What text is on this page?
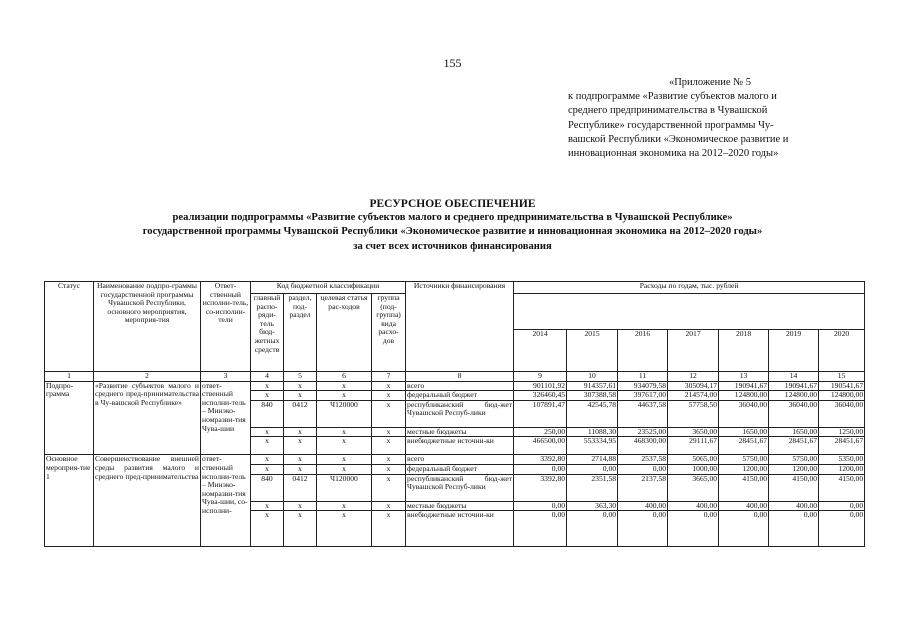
155
«Приложение № 5
к подпрограмме «Развитие субъектов малого и
среднего предпринимательства в Чувашской
Республике» государственной программы Чу-
вашской Республики «Экономическое развитие и
инновационная экономика на 2012–2020 годы»
РЕСУРСНОЕ ОБЕСПЕЧЕНИЕ
реализации подпрограммы «Развитие субъектов малого и среднего предпринимательства в Чувашской Республике»
государственной программы Чувашской Республики «Экономическое развитие и инновационная экономика на 2012–2020 годы»
за счет всех источников финансирования
Статус	Наименование подпро-граммы государственной программы Чувашской Республики, основного мероприятия, мероприя-тия	Ответ-ственный исполни-тель, со-исполни-тели	Код бюджетной классификации				Источники финансирования	Расходы по годам, тыс. рублей						
			главный распо-ряди-тель бюд-жетных средств	раздел, под-раздел	целевая статья рас-ходов	группа (под-группа) вида расхо-дов								
								2014	2015	2016	2017	2018	2019	2020
1	2	3	4	5	6	7	8	9	10	11	12	13	14	15
Подпро-грамма	«Развитие субъектов малого и среднего пред-принимательства в Чу-вашской Республике»	ответ-ственный исполни-тель – Минэко-номразви-тия Чува-шии	x	x	x	x	всего	901101,92	914357,61	934079,58	305094,17	190941,67	190941,67	190541,67
			x	x	x	x	федеральный бюджет	326460,45	307388,58	397617,00	214574,00	124800,00	124800,00	124800,00
			840	0412	Ч120000	x	республиканский бюд-жет Чувашской Респуб-лики	107891,47	42545,78	44637,58	57758,50	36040,00	36040,00	36040,00
			x	x	x	x	местные бюджеты	250,00	11088,30	23525,00	3650,00	1650,00	1650,00	1250,00
			x	x	x	x	внебюджетные источни-ки	466500,00	553334,95	468300,00	29111,67	28451,67	28451,67	28451,67
Основное мероприя-тие 1	Совершенствование внешней среды развития малого и среднего пред-принимательства	ответ-ственный исполни-тель – Минэко-номразви-тия Чува-шии, со-исполни-	x	x	x	x	всего	3392,80	2714,88	2537,58	5065,00	5750,00	5750,00	5350,00
			x	x	x	x	федеральный бюджет	0,00	0,00	0,00	1000,00	1200,00	1200,00	1200,00
			840	0412	Ч120000	x	республиканский бюд-жет Чувашской Респуб-лики	3392,80	2351,58	2137,58	3665,00	4150,00	4150,00	4150,00
			x	x	x	x	местные бюджеты	0,00	363,30	400,00	400,00	400,00	400,00	0,00
			x	x	x	x	внебюджетные источни-ки	0,00	0,00	0,00	0,00	0,00	0,00	0,00
